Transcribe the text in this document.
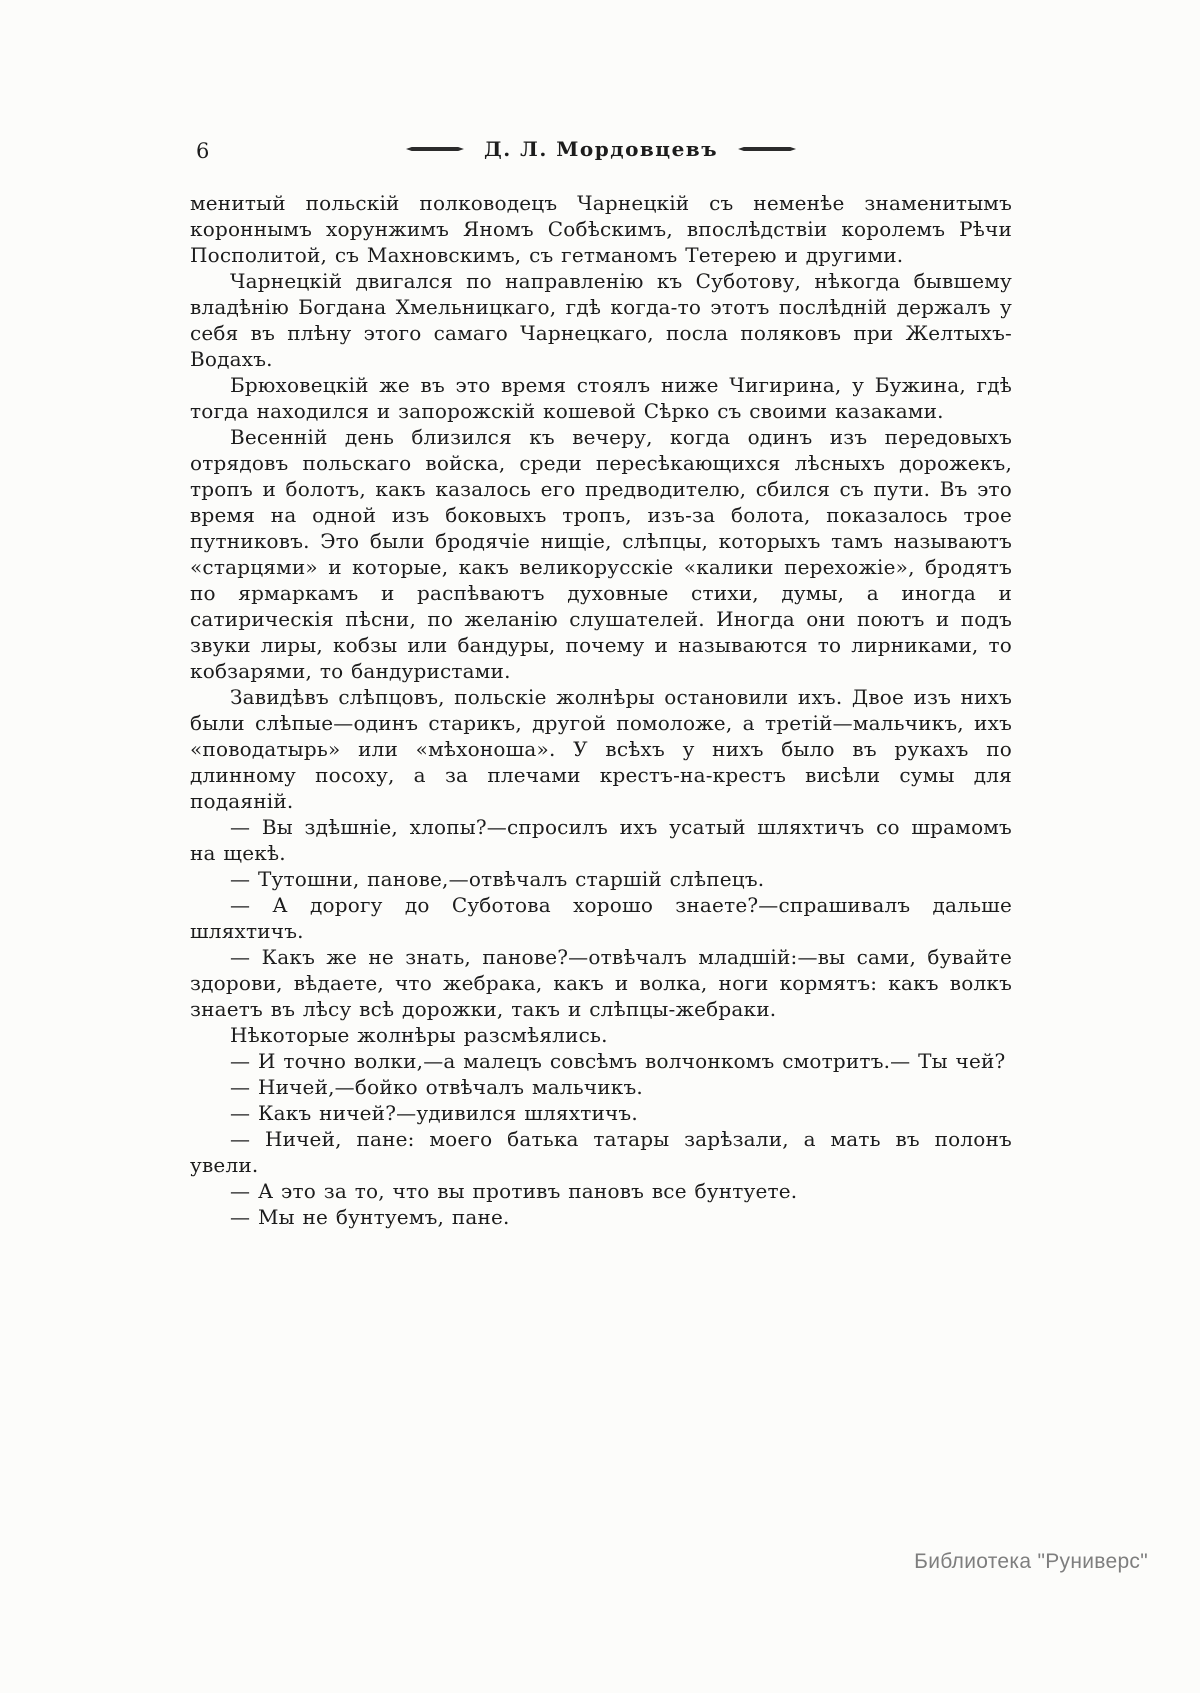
6	Д. Л. Мордовцевъ

менитый польскій полководецъ Чарнецкій съ неменѣе знаменитымъ короннымъ хорунжимъ Яномъ Собѣскимъ, впослѣдствіи королемъ Рѣчи Посполитой, съ Махновскимъ, съ гетманомъ Тетерею и другими.

Чарнецкій двигался по направленію къ Суботову, нѣкогда бывшему владѣнію Богдана Хмельницкаго, гдѣ когда-то этотъ послѣдній держалъ у себя въ плѣну этого самаго Чарнецкаго, посла поляковъ при Желтыхъ-Водахъ.

Брюховецкій же въ это время стоялъ ниже Чигирина, у Бужина, гдѣ тогда находился и запорожскій кошевой Сѣрко съ своими казаками.

Весенній день близился къ вечеру, когда одинъ изъ передовыхъ отрядовъ польскаго войска, среди пересѣкающихся лѣсныхъ дорожекъ, тропъ и болотъ, какъ казалось его предводителю, сбился съ пути. Въ это время на одной изъ боковыхъ тропъ, изъ-за болота, показалось трое путниковъ. Это были бродячіе нищіе, слѣпцы, которыхъ тамъ называютъ «старцями» и которые, какъ великорусскіе «калики перехожіе», бродятъ по ярмаркамъ и распѣваютъ духовные стихи, думы, а иногда и сатирическія пѣсни, по желанію слушателей. Иногда они поютъ и подъ звуки лиры, кобзы или бандуры, почему и называются то лирниками, то кобзарями, то бандуристами.

Завидѣвъ слѣпцовъ, польскіе жолнѣры остановили ихъ. Двое изъ нихъ были слѣпые—одинъ старикъ, другой помоложе, а третій—мальчикъ, ихъ «поводатырь» или «мѣхоноша». У всѣхъ у нихъ было въ рукахъ по длинному посоху, а за плечами крестъ-на-крестъ висѣли сумы для подаяній.

— Вы здѣшніе, хлопы?—спросилъ ихъ усатый шляхтичъ со шрамомъ на щекѣ.

— Тутошни, панове,—отвѣчалъ старшій слѣпецъ.

— А дорогу до Суботова хорошо знаете?—спрашивалъ дальше шляхтичъ.

— Какъ же не знать, панове?—отвѣчалъ младшій:—вы сами, бувайте здорови, вѣдаете, что жебрака, какъ и волка, ноги кормятъ: какъ волкъ знаетъ въ лѣсу всѣ дорожки, такъ и слѣпцы-жебраки.

Нѣкоторые жолнѣры разсмѣялись.

— И точно волки,—а малецъ совсѣмъ волчонкомъ смотритъ.— Ты чей?

— Ничей,—бойко отвѣчалъ мальчикъ.

— Какъ ничей?—удивился шляхтичъ.

— Ничей, пане: моего батька татары зарѣзали, а мать въ полонъ увели.

— А это за то, что вы противъ пановъ все бунтуете.

— Мы не бунтуемъ, пане.

Библиотека "Руниверс"
